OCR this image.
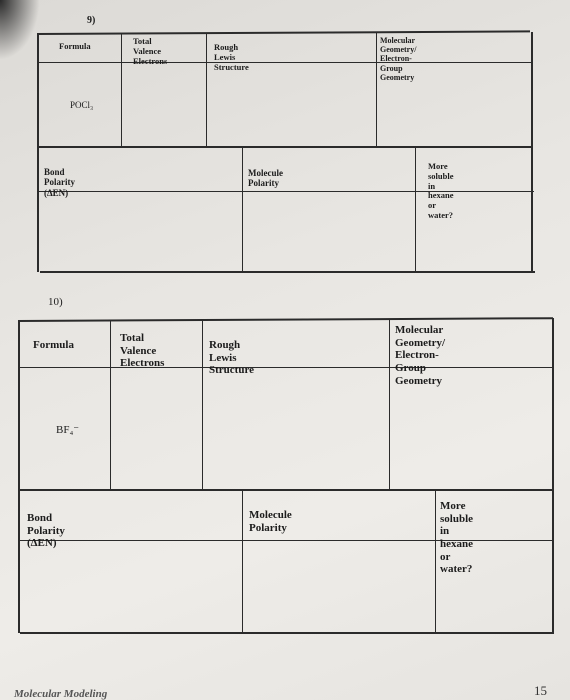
9)
Formula	Total Valence
Electrons
Rough Lewis Structure
Molecular Geometry/
Electron-Group
Geometry
POCl₃
Bond Polarity (ΔEN)
Molecule Polarity
More soluble in
hexane or water?
10)
Formula
Total Valence
Electrons
Rough Lewis Structure
Molecular Geometry/
Electron-Group
Geometry
BF₄⁻
Bond Polarity (ΔEN)
Molecule Polarity
More soluble in
hexane or water?
Molecular Modeling	15
